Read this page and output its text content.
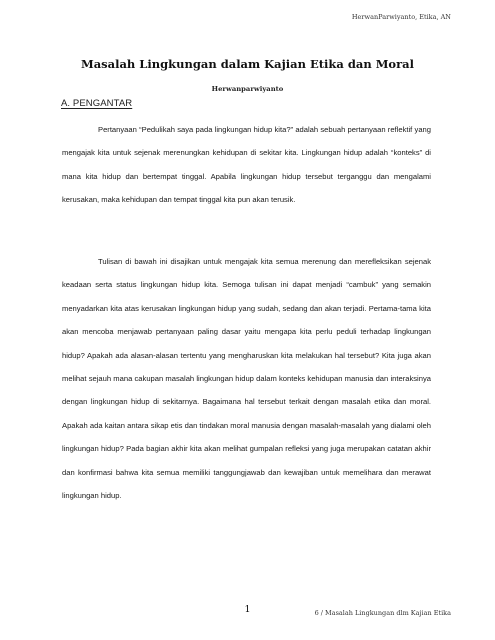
HerwanParwiyanto, Etika, AN
Masalah Lingkungan dalam Kajian Etika dan Moral
Herwanparwiyanto
A. PENGANTAR

Pertanyaan “Pedulikah saya pada lingkungan hidup kita?” adalah sebuah pertanyaan reflektif yang mengajak kita untuk sejenak merenungkan kehidupan di sekitar kita. Lingkungan hidup adalah “konteks” di mana kita hidup dan bertempat tinggal. Apabila lingkungan hidup tersebut terganggu dan mengalami kerusakan, maka kehidupan dan tempat tinggal kita pun akan terusik.

Tulisan di bawah ini disajikan untuk mengajak kita semua merenung dan merefleksikan sejenak keadaan serta status lingkungan hidup kita. Semoga tulisan ini dapat menjadi “cambuk” yang semakin menyadarkan kita atas kerusakan lingkungan hidup yang sudah, sedang dan akan terjadi. Pertama-tama kita akan mencoba menjawab pertanyaan paling dasar yaitu mengapa kita perlu peduli terhadap lingkungan hidup? Apakah ada alasan-alasan tertentu yang mengharuskan kita melakukan hal tersebut? Kita juga akan melihat sejauh mana cakupan masalah lingkungan hidup dalam konteks kehidupan manusia dan interaksinya dengan lingkungan hidup di sekitarnya. Bagaimana hal tersebut terkait dengan masalah etika dan moral. Apakah ada kaitan antara sikap etis dan tindakan moral manusia dengan masalah-masalah yang dialami oleh lingkungan hidup? Pada bagian akhir kita akan melihat gumpalan refleksi yang juga merupakan catatan akhir dan konfirmasi bahwa kita semua memiliki tanggungjawab dan kewajiban untuk memelihara dan merawat lingkungan hidup.

1	6 / Masalah Lingkungan dlm Kajian Etika
